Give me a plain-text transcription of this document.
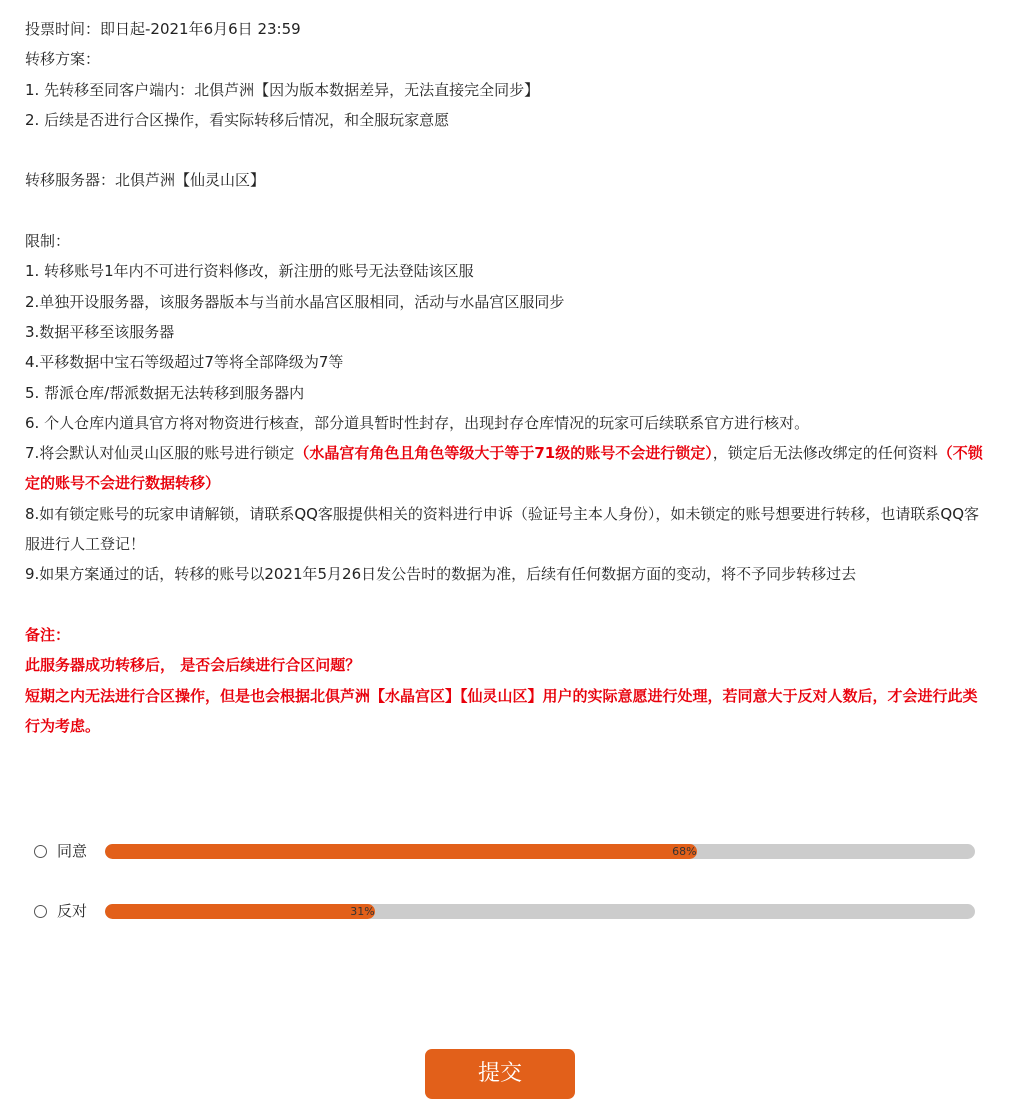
投票时间：即日起-2021年6月6日 23:59

转移方案：

1. 先转移至同客户端内：北俱芦洲【因为版本数据差异，无法直接完全同步】

2. 后续是否进行合区操作，看实际转移后情况，和全服玩家意愿

转移服务器：北俱芦洲【仙灵山区】

限制：

1. 转移账号1年内不可进行资料修改，新注册的账号无法登陆该区服

2.单独开设服务器，该服务器版本与当前水晶宫区服相同，活动与水晶宫区服同步

3.数据平移至该服务器

4.平移数据中宝石等级超过7等将全部降级为7等

5. 帮派仓库/帮派数据无法转移到服务器内

6. 个人仓库内道具官方将对物资进行核查，部分道具暂时性封存，出现封存仓库情况的玩家可后续联系官方进行核对。

7.将会默认对仙灵山区服的账号进行锁定（水晶宫有角色且角色等级大于等于71级的账号不会进行锁定），锁定后无法修改绑定的任何资料（不锁定的账号不会进行数据转移）

8.如有锁定账号的玩家申请解锁，请联系QQ客服提供相关的资料进行申诉（验证号主本人身份），如未锁定的账号想要进行转移，也请联系QQ客服进行人工登记！

9.如果方案通过的话，转移的账号以2021年5月26日发公告时的数据为准，后续有任何数据方面的变动，将不予同步转移过去

备注：

此服务器成功转移后， 是否会后续进行合区问题？

短期之内无法进行合区操作，但是也会根据北俱芦洲【水晶宫区】【仙灵山区】用户的实际意愿进行处理，若同意大于反对人数后，才会进行此类行为考虑。

同意	68%
反对	31%
提交
